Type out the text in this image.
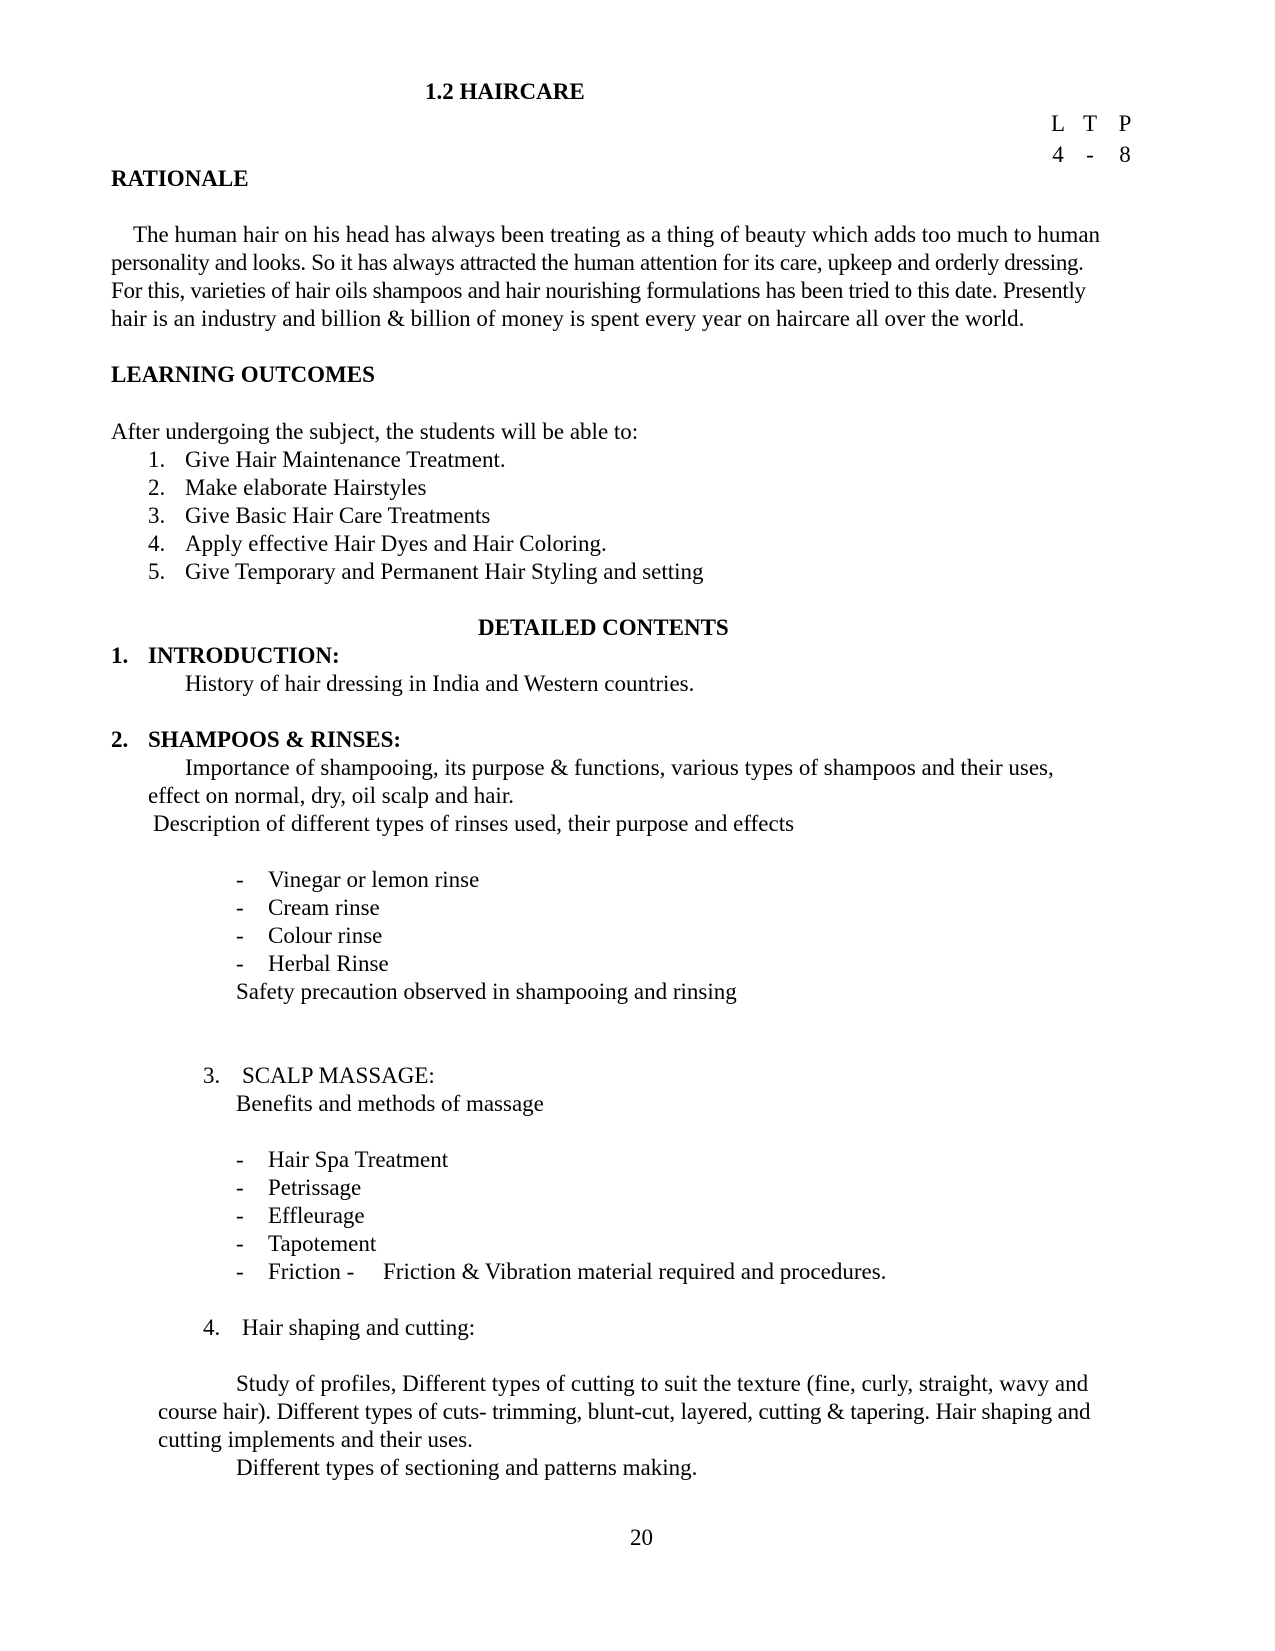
1.2 HAIRCARE
L T P
4 -	8
RATIONALE
The human hair on his head has always been treating as a thing of beauty which adds too much to human
personality and looks. So it has always attracted the human attention for its care, upkeep and orderly dressing.
For this, varieties of hair oils shampoos and hair nourishing formulations has been tried to this date. Presently
hair is an industry and billion & billion of money is spent every year on haircare all over the world.
LEARNING OUTCOMES
After undergoing the subject, the students will be able to:
1. Give Hair Maintenance Treatment.
2. Make elaborate Hairstyles
3. Give Basic Hair Care Treatments
4. Apply effective Hair Dyes and Hair Coloring.
5. Give Temporary and Permanent Hair Styling and setting
DETAILED CONTENTS
1. INTRODUCTION:
History of hair dressing in India and Western countries.
2. SHAMPOOS & RINSES:
Importance of shampooing, its purpose & functions, various types of shampoos and their uses,
effect on normal, dry, oil scalp and hair.
Description of different types of rinses used, their purpose and effects
- Vinegar or lemon rinse
- Cream rinse
- Colour rinse
- Herbal Rinse
Safety precaution observed in shampooing and rinsing
3. SCALP MASSAGE:
Benefits and methods of massage
- Hair Spa Treatment
- Petrissage
- Effleurage
- Tapotement
- Friction - Friction & Vibration material required and procedures.
4. Hair shaping and cutting:
Study of profiles, Different types of cutting to suit the texture (fine, curly, straight, wavy and
course hair). Different types of cuts- trimming, blunt-cut, layered, cutting & tapering. Hair shaping and
cutting implements and their uses.
Different types of sectioning and patterns making.
20
